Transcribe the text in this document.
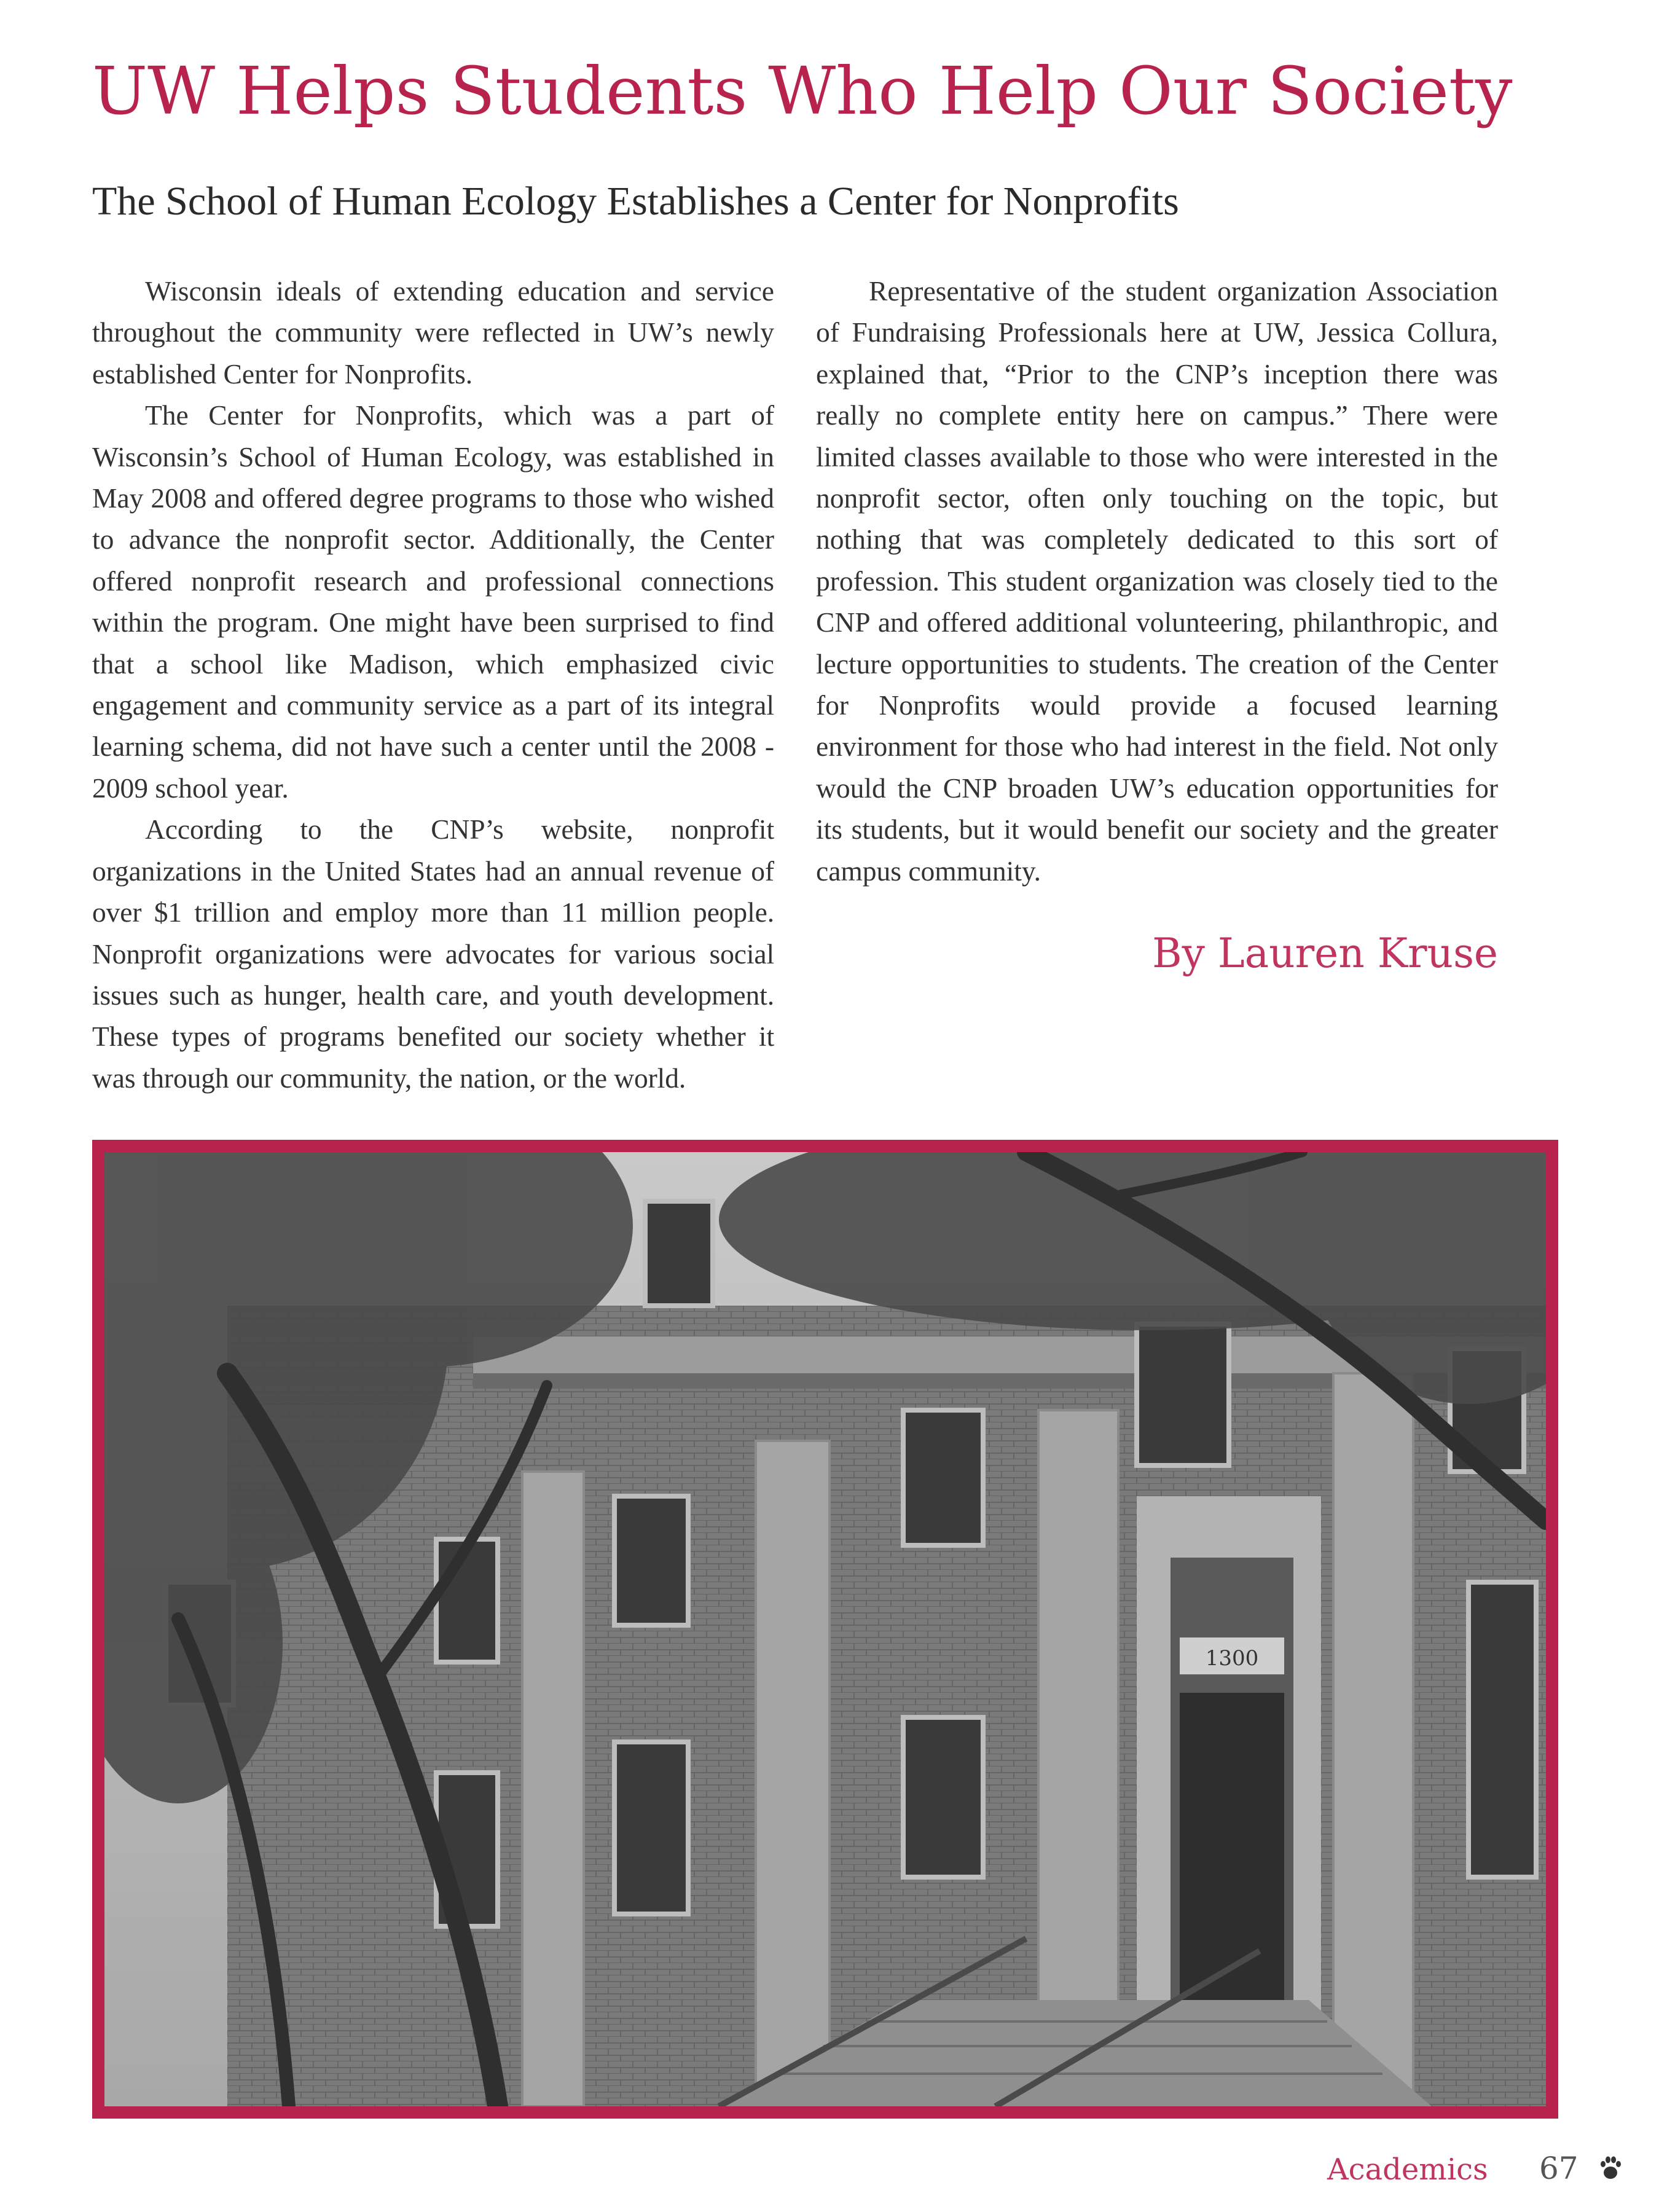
UW Helps Students Who Help Our Society
The School of Human Ecology Establishes a Center for Nonprofits

Wisconsin ideals of extending education and service throughout the community were reflected in UW’s newly established Center for Nonprofits.

The Center for Nonprofits, which was a part of Wisconsin’s School of Human Ecology, was established in May 2008 and offered degree programs to those who wished to advance the nonprofit sector. Additionally, the Center offered nonprofit research and professional connections within the program. One might have been surprised to find that a school like Madison, which emphasized civic engagement and community service as a part of its integral learning schema, did not have such a center until the 2008 - 2009 school year.

According to the CNP’s website, nonprofit organizations in the United States had an annual revenue of over $1 trillion and employ more than 11 million people. Nonprofit organizations were advocates for various social issues such as hunger, health care, and youth development. These types of programs benefited our society whether it was through our community, the nation, or the world.

Representative of the student organization Association of Fundraising Professionals here at UW, Jessica Collura, explained that, “Prior to the CNP’s inception there was really no complete entity here on campus.” There were limited classes available to those who were interested in the nonprofit sector, often only touching on the topic, but nothing that was completely dedicated to this sort of profession. This student organization was closely tied to the CNP and offered additional volunteering, philanthropic, and lecture opportunities to students. The creation of the Center for Nonprofits would provide a focused learning environment for those who had interest in the field. Not only would the CNP broaden UW’s education opportunities for its students, but it would benefit our society and the greater campus community.

By Lauren Kruse
1300
Academics 67
